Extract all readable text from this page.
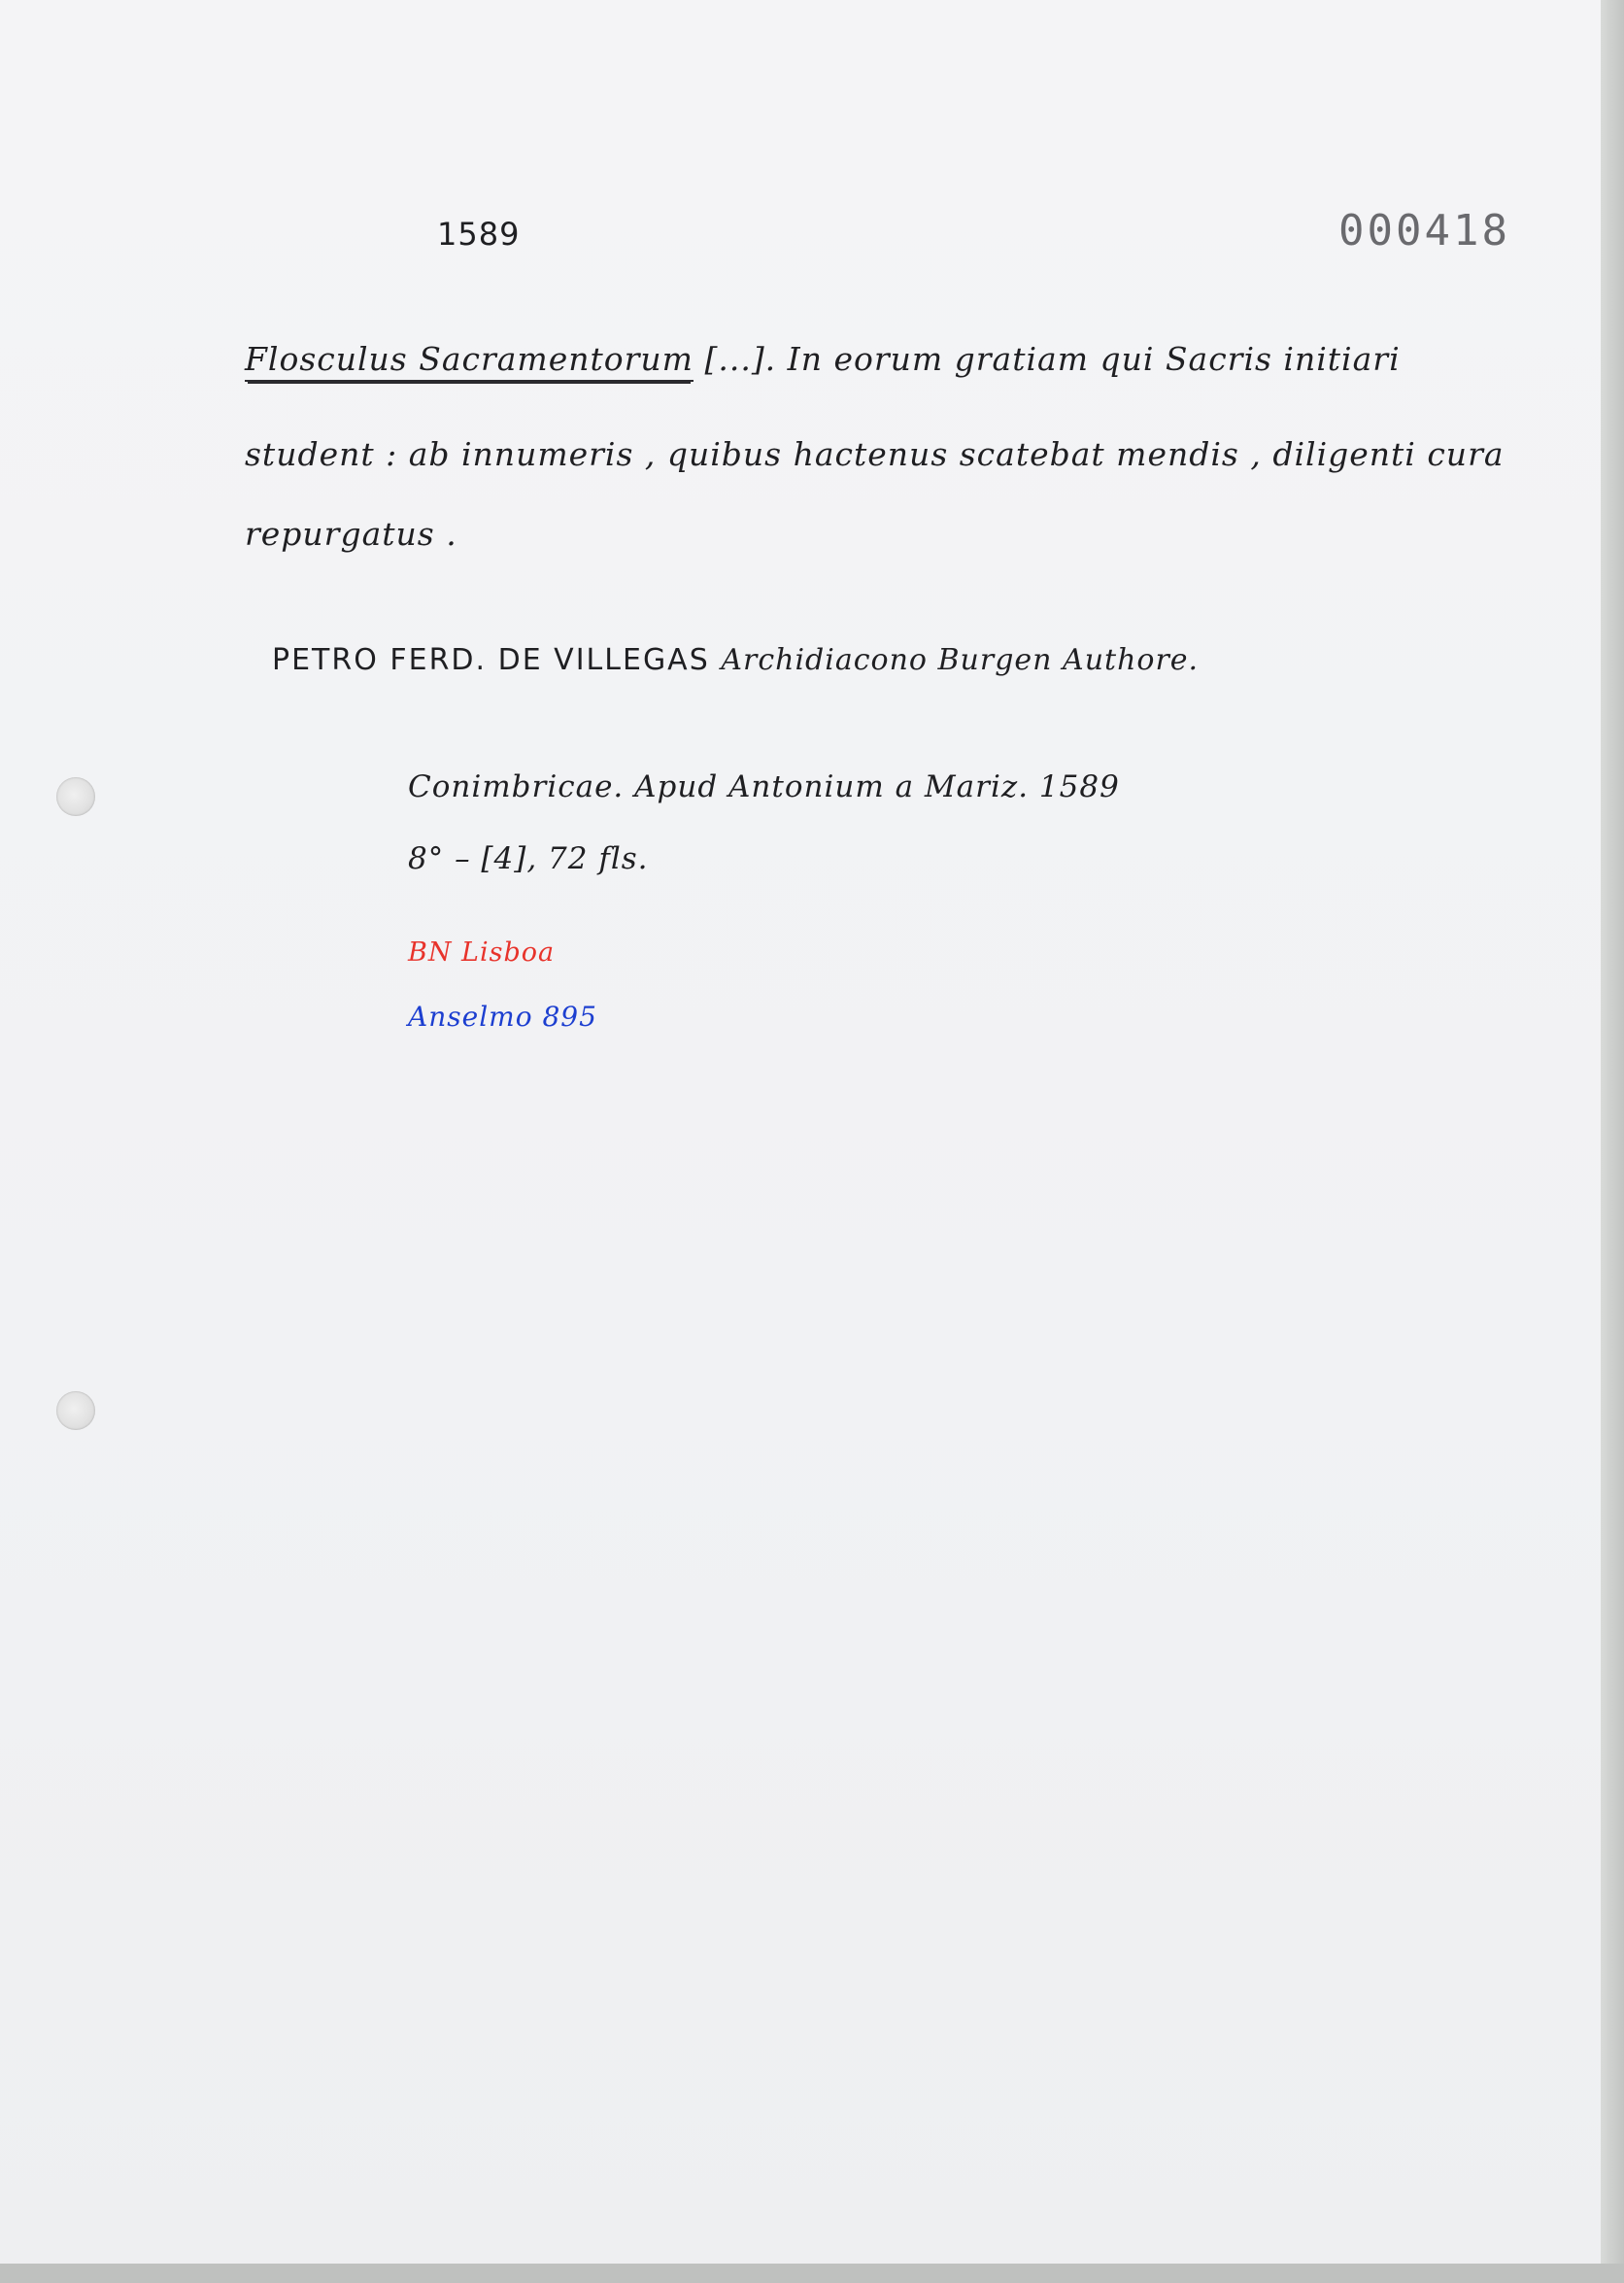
1589	000418
Flosculus Sacramentorum [...]. In eorum gratiam qui Sacris initiari
student : ab innumeris , quibus hactenus scatebat mendis , diligenti cura
repurgatus .
PETRO FERD. DE VILLEGAS Archidiacono Burgen Authore.
Conimbricae. Apud Antonium a Mariz. 1589
8° – [4], 72 fls.
BN Lisboa
Anselmo 895
